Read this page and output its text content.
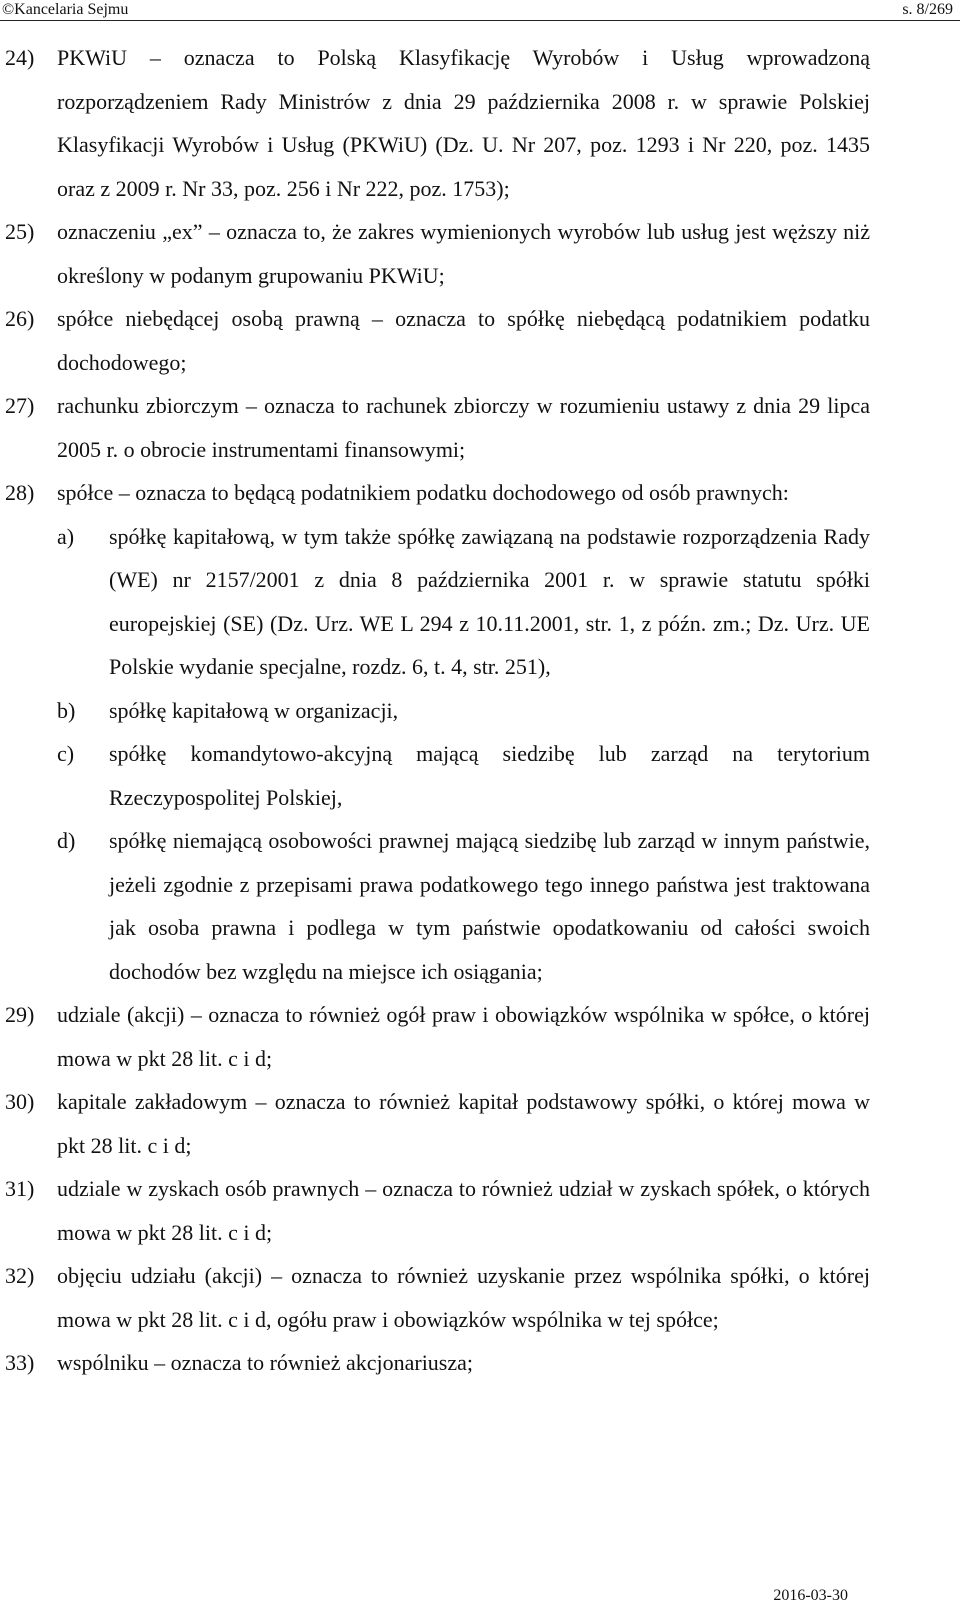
©Kancelaria Sejmu	s. 8/269
24) PKWiU – oznacza to Polską Klasyfikację Wyrobów i Usług wprowadzoną rozporządzeniem Rady Ministrów z dnia 29 października 2008 r. w sprawie Polskiej Klasyfikacji Wyrobów i Usług (PKWiU) (Dz. U. Nr 207, poz. 1293 i Nr 220, poz. 1435 oraz z 2009 r. Nr 33, poz. 256 i Nr 222, poz. 1753);
25) oznaczeniu „ex” – oznacza to, że zakres wymienionych wyrobów lub usług jest węższy niż określony w podanym grupowaniu PKWiU;
26) spółce niebędącej osobą prawną – oznacza to spółkę niebędącą podatnikiem podatku dochodowego;
27) rachunku zbiorczym – oznacza to rachunek zbiorczy w rozumieniu ustawy z dnia 29 lipca 2005 r. o obrocie instrumentami finansowymi;
28) spółce – oznacza to będącą podatnikiem podatku dochodowego od osób prawnych:
a) spółkę kapitałową, w tym także spółkę zawiązaną na podstawie rozporządzenia Rady (WE) nr 2157/2001 z dnia 8 października 2001 r. w sprawie statutu spółki europejskiej (SE) (Dz. Urz. WE L 294 z 10.11.2001, str. 1, z późn. zm.; Dz. Urz. UE Polskie wydanie specjalne, rozdz. 6, t. 4, str. 251),
b) spółkę kapitałową w organizacji,
c) spółkę komandytowo-akcyjną mającą siedzibę lub zarząd na terytorium Rzeczypospolitej Polskiej,
d) spółkę niemającą osobowości prawnej mającą siedzibę lub zarząd w innym państwie, jeżeli zgodnie z przepisami prawa podatkowego tego innego państwa jest traktowana jak osoba prawna i podlega w tym państwie opodatkowaniu od całości swoich dochodów bez względu na miejsce ich osiągania;
29) udziale (akcji) – oznacza to również ogół praw i obowiązków wspólnika w spółce, o której mowa w pkt 28 lit. c i d;
30) kapitale zakładowym – oznacza to również kapitał podstawowy spółki, o której mowa w pkt 28 lit. c i d;
31) udziale w zyskach osób prawnych – oznacza to również udział w zyskach spółek, o których mowa w pkt 28 lit. c i d;
32) objęciu udziału (akcji) – oznacza to również uzyskanie przez wspólnika spółki, o której mowa w pkt 28 lit. c i d, ogółu praw i obowiązków wspólnika w tej spółce;
33) wspólniku – oznacza to również akcjonariusza;
2016-03-30
